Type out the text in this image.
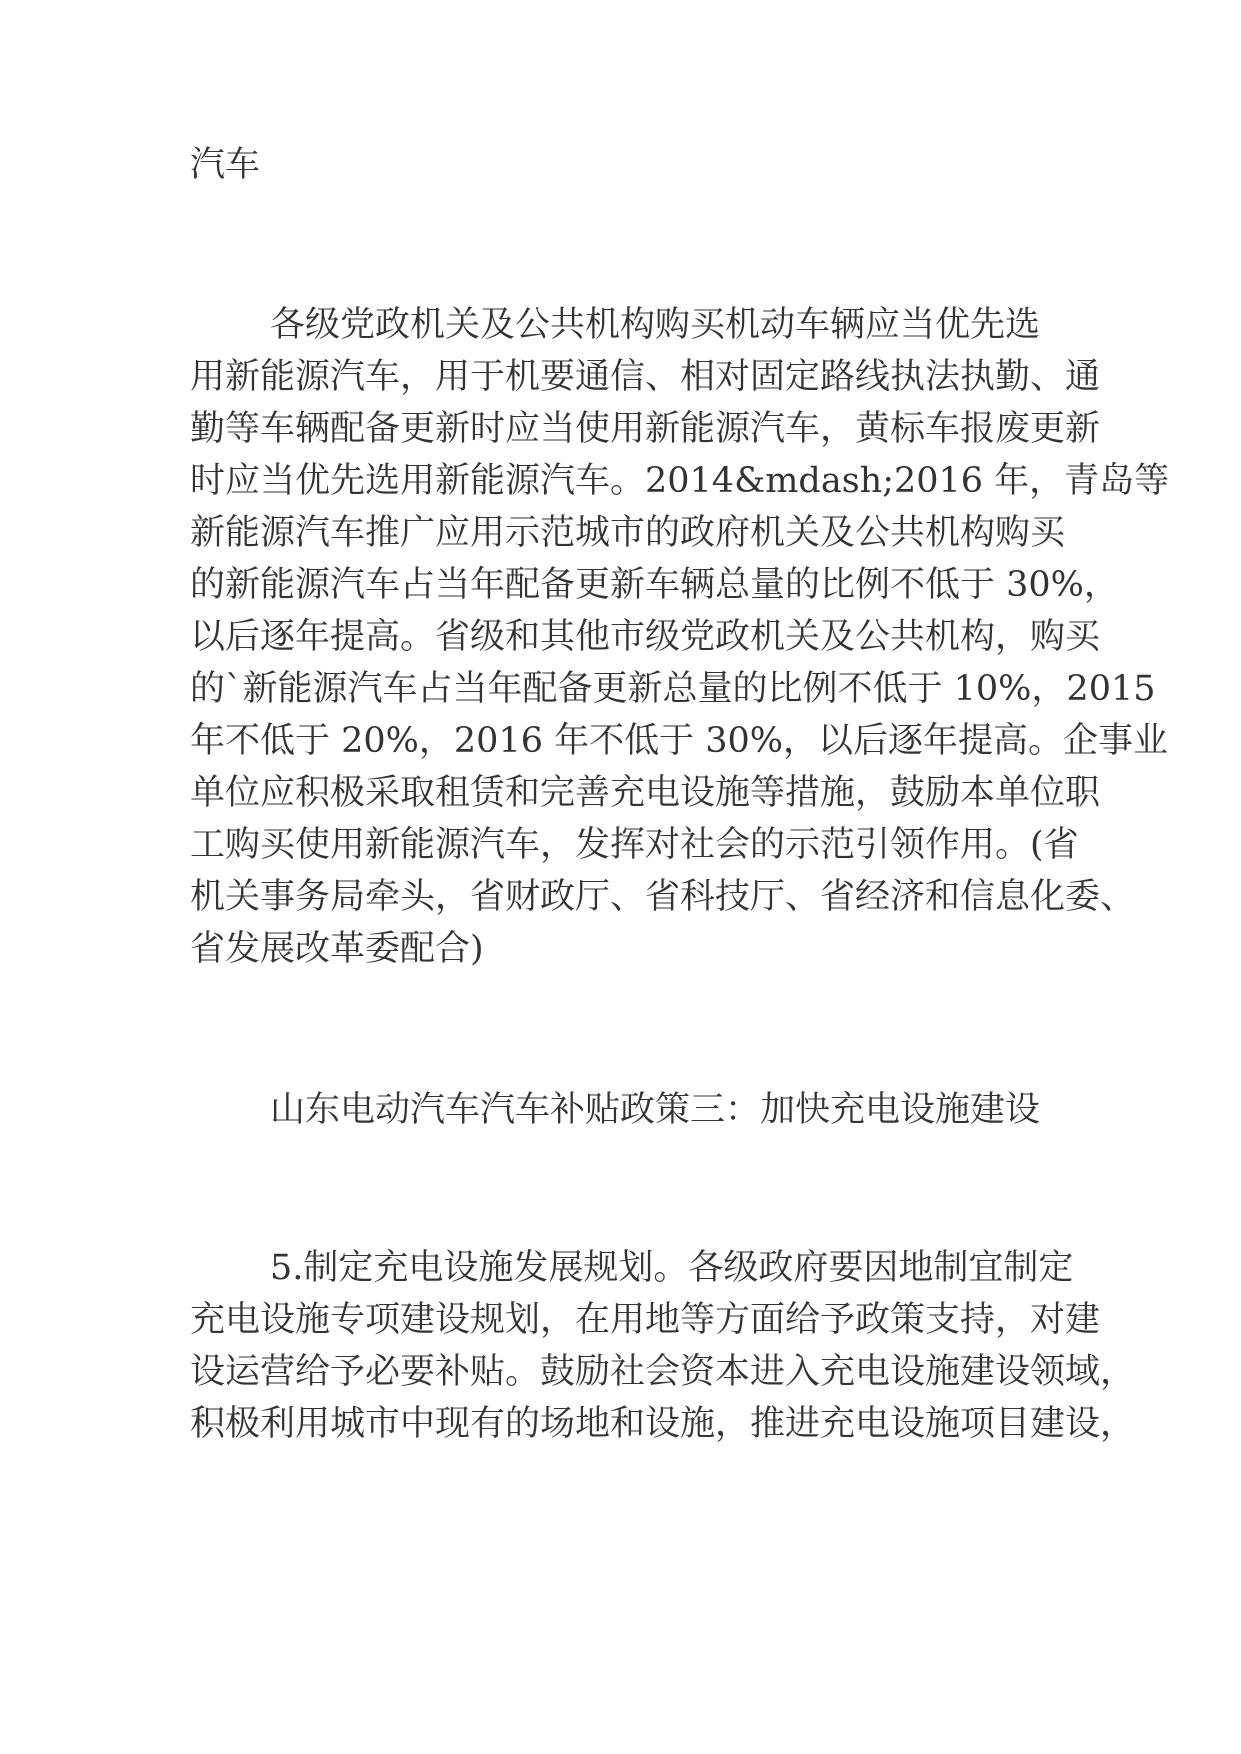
汽车
各级党政机关及公共机构购买机动车辆应当优先选
用新能源汽车，用于机要通信、相对固定路线执法执勤、通
勤等车辆配备更新时应当使用新能源汽车，黄标车报废更新
时应当优先选用新能源汽车。2014&mdash;2016 年，青岛等
新能源汽车推广应用示范城市的政府机关及公共机构购买
的新能源汽车占当年配备更新车辆总量的比例不低于 30%，
以后逐年提高。省级和其他市级党政机关及公共机构，购买
的`新能源汽车占当年配备更新总量的比例不低于 10%，2015
年不低于 20%，2016 年不低于 30%，以后逐年提高。企事业
单位应积极采取租赁和完善充电设施等措施，鼓励本单位职
工购买使用新能源汽车，发挥对社会的示范引领作用。(省
机关事务局牵头，省财政厅、省科技厅、省经济和信息化委、
省发展改革委配合)
山东电动汽车汽车补贴政策三：加快充电设施建设
5.制定充电设施发展规划。各级政府要因地制宜制定
充电设施专项建设规划，在用地等方面给予政策支持，对建
设运营给予必要补贴。鼓励社会资本进入充电设施建设领域，
积极利用城市中现有的场地和设施，推进充电设施项目建设，
